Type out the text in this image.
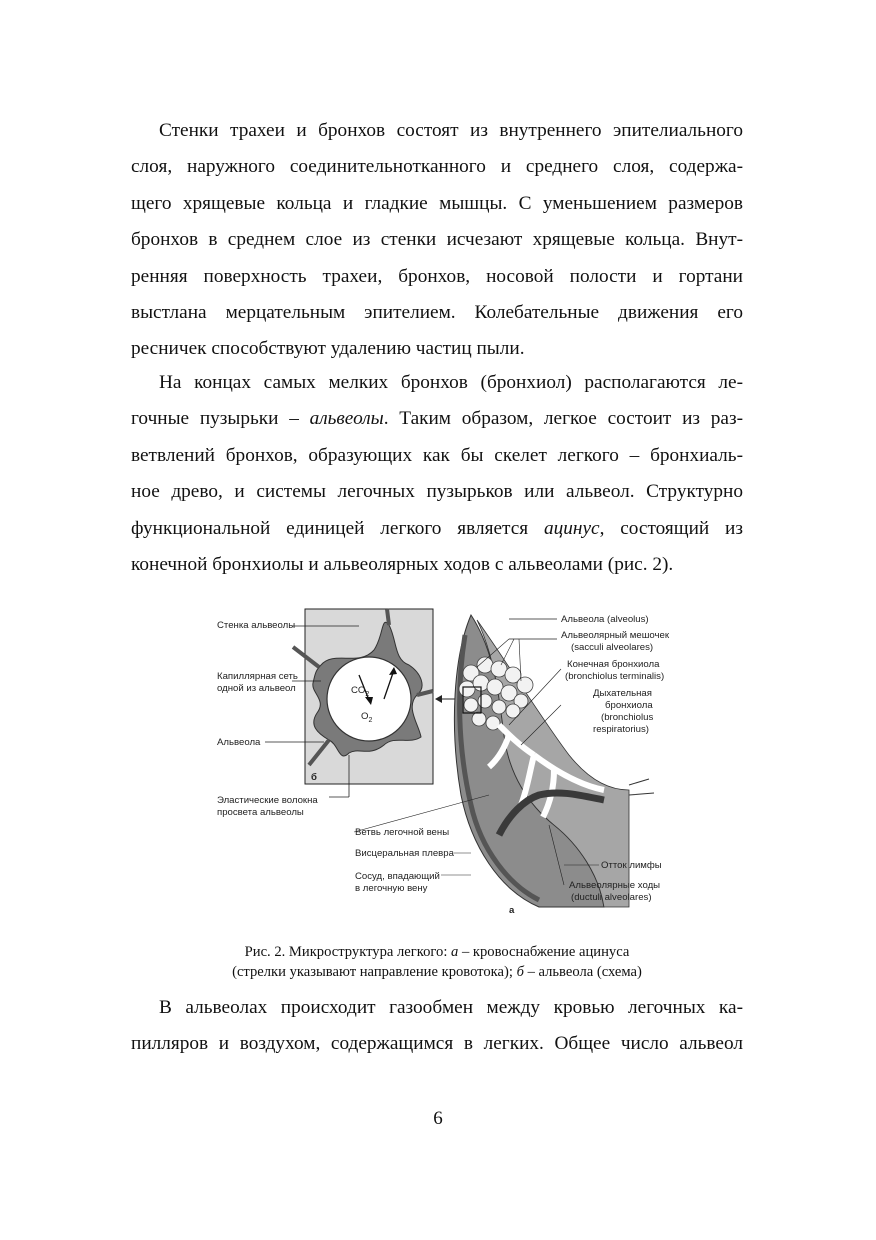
Стенки трахеи и бронхов состоят из внутреннего эпителиального
слоя, наружного соединительнотканного и среднего слоя, содержа-
щего хрящевые кольца и гладкие мышцы. С уменьшением размеров
бронхов в среднем слое из стенки исчезают хрящевые кольца. Внут-
ренняя поверхность трахеи, бронхов, носовой полости и гортани
выстлана мерцательным эпителием. Колебательные движения его
ресничек способствуют удалению частиц пыли.

На концах самых мелких бронхов (бронхиол) располагаются ле-
гочные пузырьки – альвеолы. Таким образом, легкое состоит из раз-
ветвлений бронхов, образующих как бы скелет легкого – бронхиаль-
ное древо, и системы легочных пузырьков или альвеол. Структурно
функциональной единицей легкого является ацинус, состоящий из
конечной бронхиолы и альвеолярных ходов с альвеолами (рис. 2).

$CO_2$
$O_2$
б
Стенка альвеолы
Капиллярная сеть
одной из альвеол
Альвеола
Эластические волокна
просвета альвеолы
а
Альвеола (alveolus)
Альвеолярный мешочек
(sacculi alveolares)
Конечная бронхиола
(bronchiolus terminalis)
Дыхательная
бронхиола
(bronchiolus
respiratorius)
Ветвь легочной вены
Висцеральная плевра
Сосуд, впадающий
в легочную вену
Отток лимфы
Альвеолярные ходы
(ductuli alveolares)
Рис. 2. Микроструктура легкого: а – кровоснабжение ацинуса
(стрелки указывают направление кровотока); б – альвеола (схема)

В альвеолах происходит газообмен между кровью легочных ка-
пилляров и воздухом, содержащимся в легких. Общее число альвеол

6
